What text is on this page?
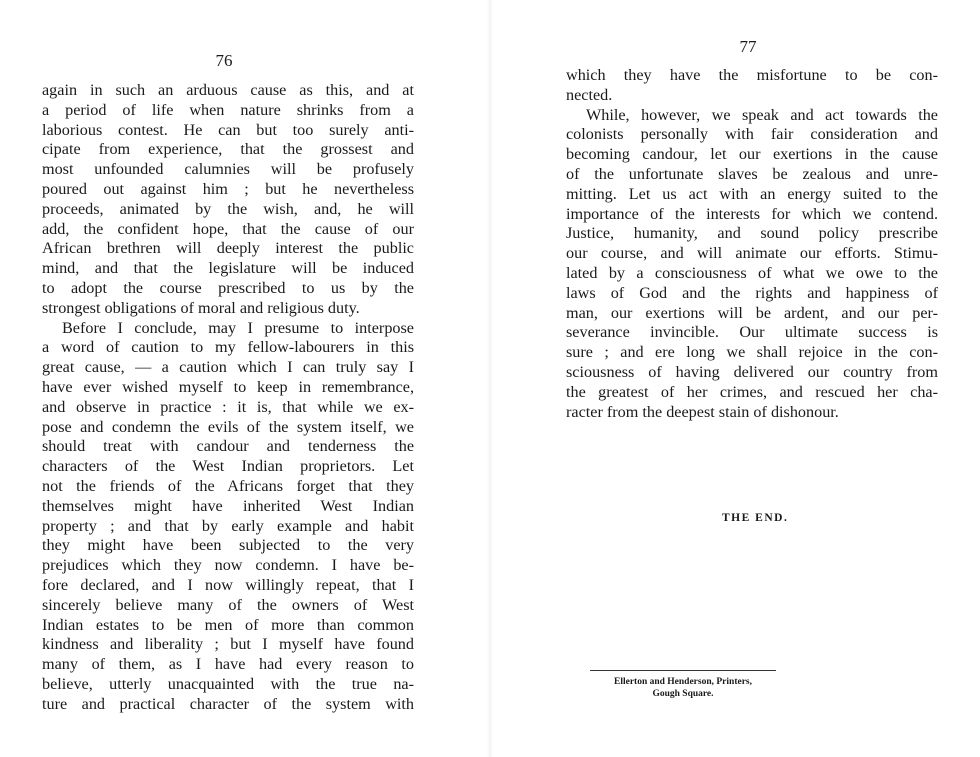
76
again in such an arduous cause as this, and at
a period of life when nature shrinks from a
laborious contest. He can but too surely anti-
cipate from experience, that the grossest and
most unfounded calumnies will be profusely
poured out against him ; but he nevertheless
proceeds, animated by the wish, and, he will
add, the confident hope, that the cause of our
African brethren will deeply interest the public
mind, and that the legislature will be induced
to adopt the course prescribed to us by the
strongest obligations of moral and religious duty.
Before I conclude, may I presume to interpose
a word of caution to my fellow-labourers in this
great cause, — a caution which I can truly say I
have ever wished myself to keep in remembrance,
and observe in practice : it is, that while we ex-
pose and condemn the evils of the system itself, we
should treat with candour and tenderness the
characters of the West Indian proprietors. Let
not the friends of the Africans forget that they
themselves might have inherited West Indian
property ; and that by early example and habit
they might have been subjected to the very
prejudices which they now condemn. I have be-
fore declared, and I now willingly repeat, that I
sincerely believe many of the owners of West
Indian estates to be men of more than common
kindness and liberality ; but I myself have found
many of them, as I have had every reason to
believe, utterly unacquainted with the true na-
ture and practical character of the system with
77
which they have the misfortune to be con-
nected.
While, however, we speak and act towards the
colonists personally with fair consideration and
becoming candour, let our exertions in the cause
of the unfortunate slaves be zealous and unre-
mitting. Let us act with an energy suited to the
importance of the interests for which we contend.
Justice, humanity, and sound policy prescribe
our course, and will animate our efforts. Stimu-
lated by a consciousness of what we owe to the
laws of God and the rights and happiness of
man, our exertions will be ardent, and our per-
severance invincible. Our ultimate success is
sure ; and ere long we shall rejoice in the con-
sciousness of having delivered our country from
the greatest of her crimes, and rescued her cha-
racter from the deepest stain of dishonour.
THE END.
Ellerton and Henderson, Printers,
Gough Square.
